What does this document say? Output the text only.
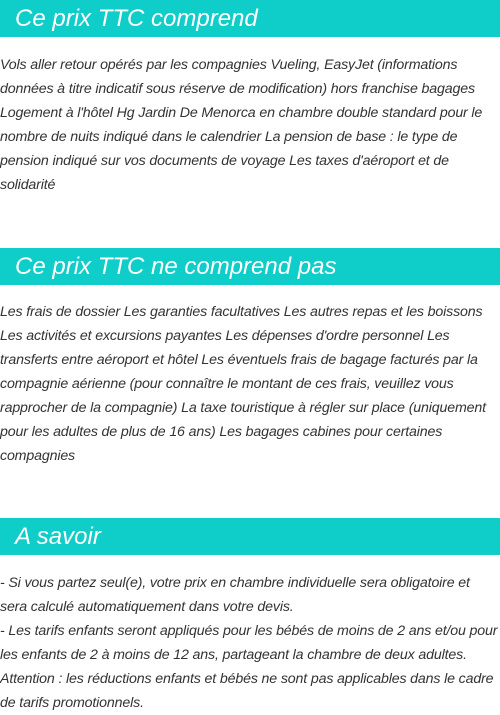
Ce prix TTC comprend
Vols aller retour opérés par les compagnies Vueling, EasyJet (informations
données à titre indicatif sous réserve de modification) hors franchise bagages
Logement à l'hôtel Hg Jardin De Menorca en chambre double standard pour le
nombre de nuits indiqué dans le calendrier La pension de base : le type de
pension indiqué sur vos documents de voyage Les taxes d'aéroport et de
solidarité
Ce prix TTC ne comprend pas
Les frais de dossier Les garanties facultatives Les autres repas et les boissons
Les activités et excursions payantes Les dépenses d'ordre personnel Les
transferts entre aéroport et hôtel Les éventuels frais de bagage facturés par la
compagnie aérienne (pour connaître le montant de ces frais, veuillez vous
rapprocher de la compagnie) La taxe touristique à régler sur place (uniquement
pour les adultes de plus de 16 ans) Les bagages cabines pour certaines
compagnies
A savoir
- Si vous partez seul(e), votre prix en chambre individuelle sera obligatoire et
sera calculé automatiquement dans votre devis.
- Les tarifs enfants seront appliqués pour les bébés de moins de 2 ans et/ou pour
les enfants de 2 à moins de 12 ans, partageant la chambre de deux adultes.
Attention : les réductions enfants et bébés ne sont pas applicables dans le cadre
de tarifs promotionnels.
